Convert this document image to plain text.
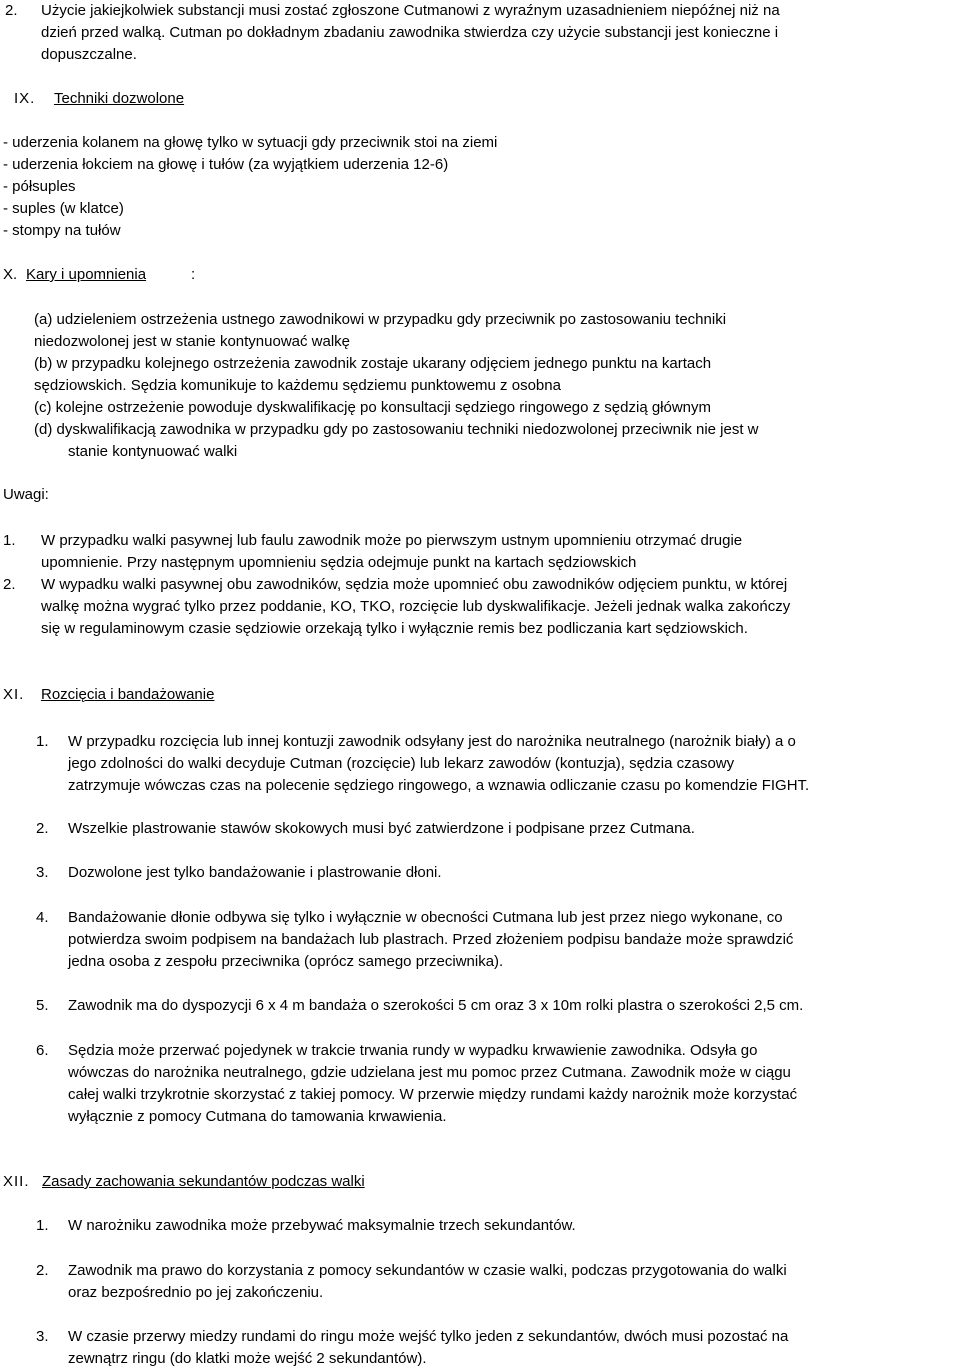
2. Użycie jakiejkolwiek substancji musi zostać zgłoszone Cutmanowi z wyraźnym uzasadnieniem niepóźnej niż na
dzień przed walką. Cutman po dokładnym zbadaniu zawodnika stwierdza czy użycie substancji jest konieczne i
dopuszczalne.
IX. Techniki dozwolone
- uderzenia kolanem na głowę tylko w sytuacji gdy przeciwnik stoi na ziemi
- uderzenia łokciem na głowę i tułów (za wyjątkiem uderzenia 12-6)
- półsuples
- suples (w klatce)
- stompy na tułów
X. Kary i upomnienia	:
(a) udzieleniem ostrzeżenia ustnego zawodnikowi w przypadku gdy przeciwnik po zastosowaniu techniki
niedozwolonej jest w stanie kontynuować walkę
(b) w przypadku kolejnego ostrzeżenia zawodnik zostaje ukarany odjęciem jednego punktu na kartach
sędziowskich. Sędzia komunikuje to każdemu sędziemu punktowemu z osobna
(c) kolejne ostrzeżenie powoduje dyskwalifikację po konsultacji sędziego ringowego z sędzią głównym
(d) dyskwalifikacją zawodnika w przypadku gdy po zastosowaniu techniki niedozwolonej przeciwnik nie jest w
stanie kontynuować walki
Uwagi:
1. W przypadku walki pasywnej lub faulu zawodnik może po pierwszym ustnym upomnieniu otrzymać drugie
upomnienie. Przy następnym upomnieniu sędzia odejmuje punkt na kartach sędziowskich
2. W wypadku walki pasywnej obu zawodników, sędzia może upomnieć obu zawodników odjęciem punktu, w której
walkę można wygrać tylko przez poddanie, KO, TKO, rozcięcie lub dyskwalifikacje. Jeżeli jednak walka zakończy
się w regulaminowym czasie sędziowie orzekają tylko i wyłącznie remis bez podliczania kart sędziowskich.
XI. Rozcięcia i bandażowanie
1. W przypadku rozcięcia lub innej kontuzji zawodnik odsyłany jest do narożnika neutralnego (narożnik biały) a o
jego zdolności do walki decyduje Cutman (rozcięcie) lub lekarz zawodów (kontuzja), sędzia czasowy
zatrzymuje wówczas czas na polecenie sędziego ringowego, a wznawia odliczanie czasu po komendzie FIGHT.
2. Wszelkie plastrowanie stawów skokowych musi być zatwierdzone i podpisane przez Cutmana.
3. Dozwolone jest tylko bandażowanie i plastrowanie dłoni.
4. Bandażowanie dłonie odbywa się tylko i wyłącznie w obecności Cutmana lub jest przez niego wykonane, co
potwierdza swoim podpisem na bandażach lub plastrach. Przed złożeniem podpisu bandaże może sprawdzić
jedna osoba z zespołu przeciwnika (oprócz samego przeciwnika).
5. Zawodnik ma do dyspozycji 6 x 4 m bandaża o szerokości 5 cm oraz 3 x 10m rolki plastra o szerokości 2,5 cm.
6. Sędzia może przerwać pojedynek w trakcie trwania rundy w wypadku krwawienie zawodnika. Odsyła go
wówczas do narożnika neutralnego, gdzie udzielana jest mu pomoc przez Cutmana. Zawodnik może w ciągu
całej walki trzykrotnie skorzystać z takiej pomocy. W przerwie między rundami każdy narożnik może korzystać
wyłącznie z pomocy Cutmana do tamowania krwawienia.
XII. Zasady zachowania sekundantów podczas walki
1. W narożniku zawodnika może przebywać maksymalnie trzech sekundantów.
2. Zawodnik ma prawo do korzystania z pomocy sekundantów w czasie walki, podczas przygotowania do walki
oraz bezpośrednio po jej zakończeniu.
3. W czasie przerwy miedzy rundami do ringu może wejść tylko jeden z sekundantów, dwóch musi pozostać na
zewnątrz ringu (do klatki może wejść 2 sekundantów).
